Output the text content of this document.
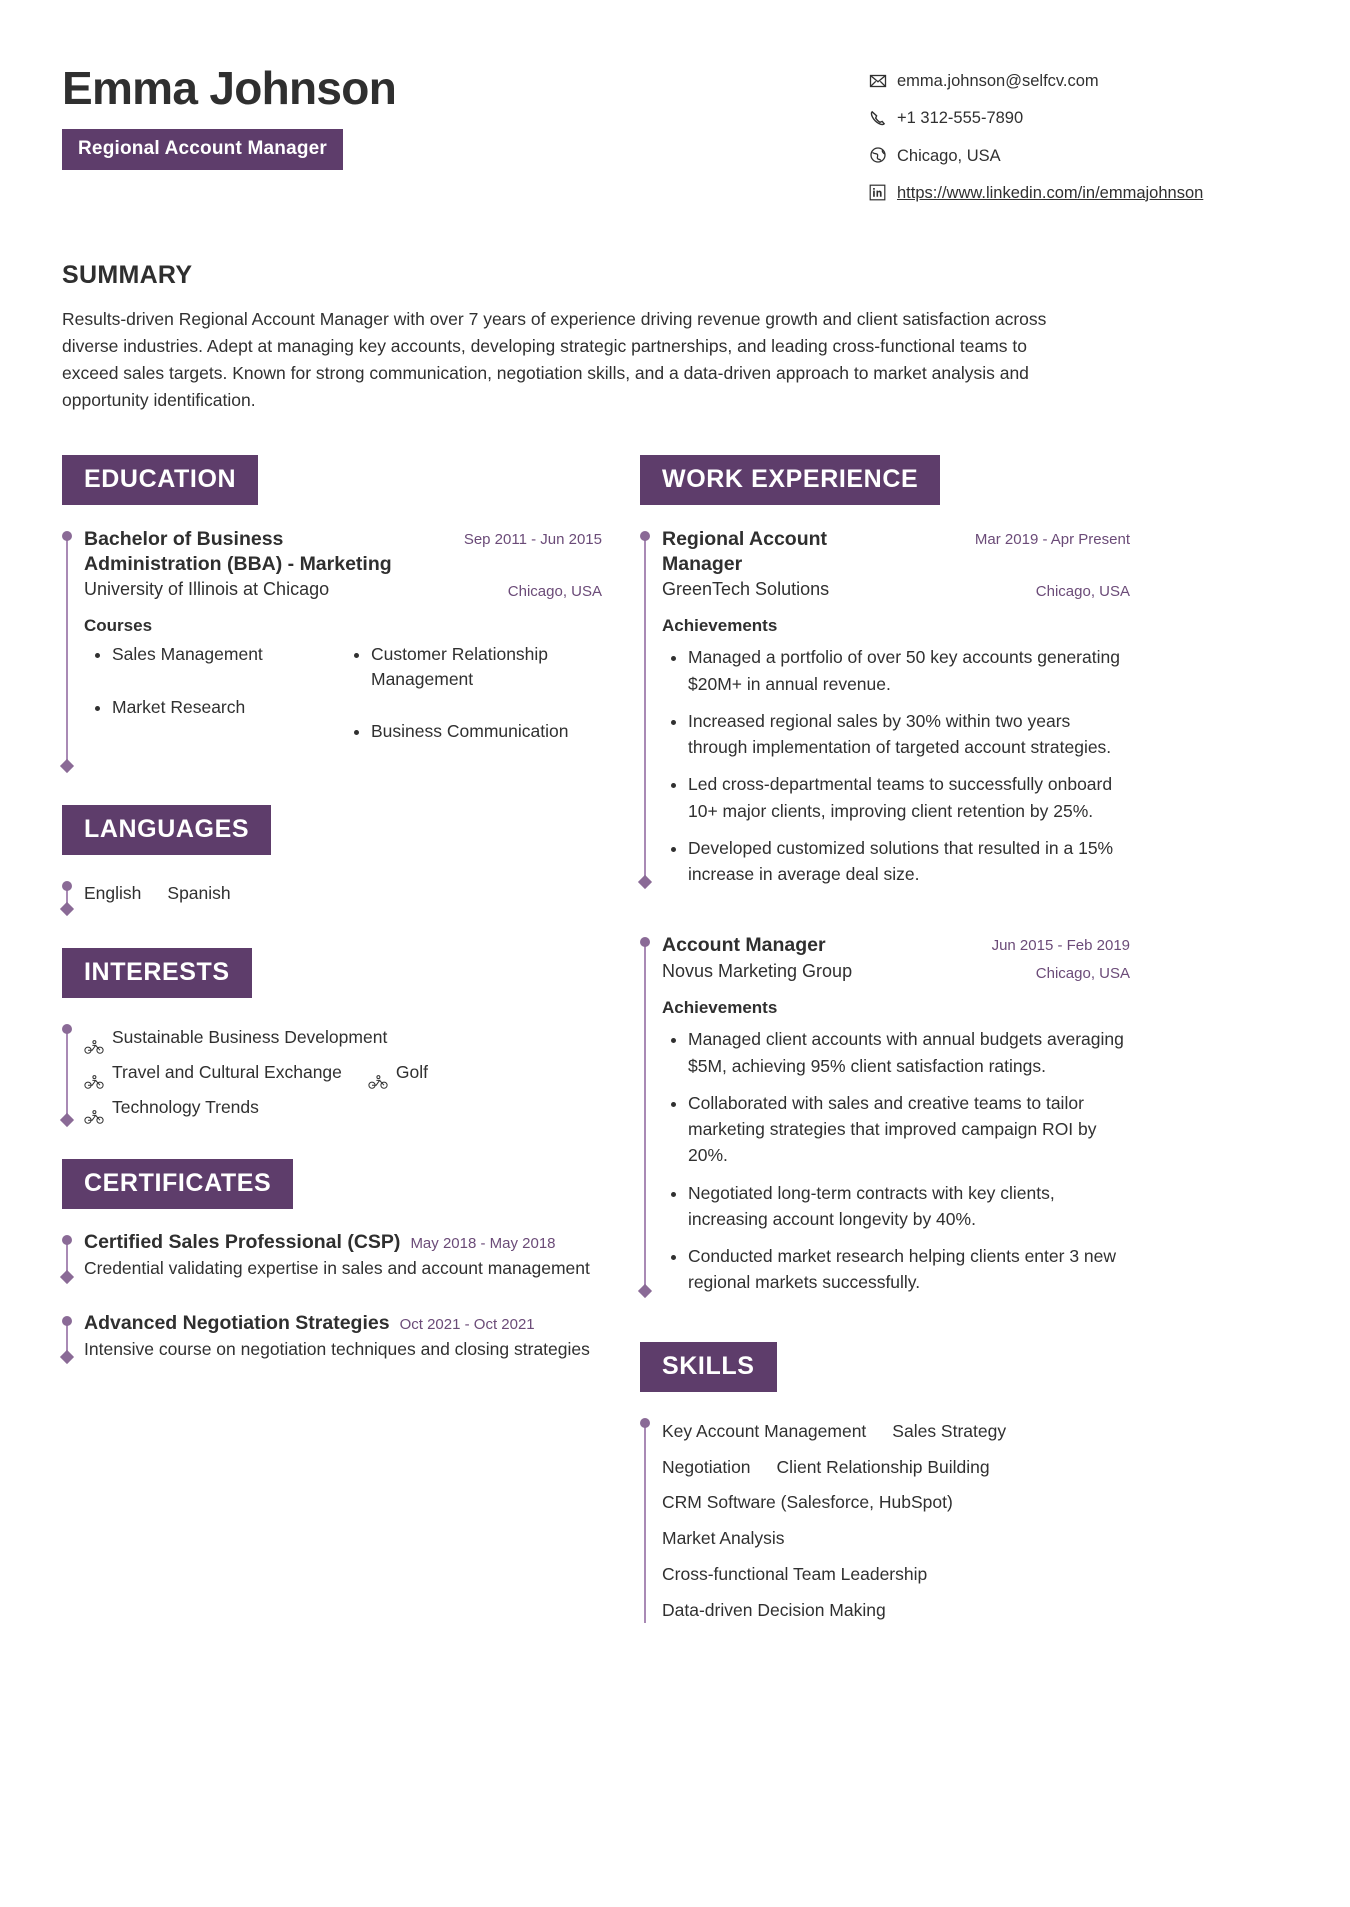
Emma Johnson
Regional Account Manager
emma.johnson@selfcv.com
+1 312-555-7890
Chicago, USA
https://www.linkedin.com/in/emmajohnson
SUMMARY
Results-driven Regional Account Manager with over 7 years of experience driving revenue growth and client satisfaction across diverse industries. Adept at managing key accounts, developing strategic partnerships, and leading cross-functional teams to exceed sales targets. Known for strong communication, negotiation skills, and a data-driven approach to market analysis and opportunity identification.
EDUCATION
Bachelor of Business Administration (BBA) - Marketing
Sep 2011 - Jun 2015
University of Illinois at Chicago	Chicago, USA
Courses
• Sales Management
• Market Research
• Customer Relationship Management
• Business Communication
LANGUAGES
English Spanish
INTERESTS
Sustainable Business Development
Travel and Cultural Exchange	Golf
Technology Trends
CERTIFICATES
Certified Sales Professional (CSP) May 2018 - May 2018
Credential validating expertise in sales and account management
Advanced Negotiation Strategies Oct 2021 - Oct 2021
Intensive course on negotiation techniques and closing strategies
WORK EXPERIENCE
Regional Account Manager
Mar 2019 - Apr Present
GreenTech Solutions	Chicago, USA
Achievements
• Managed a portfolio of over 50 key accounts generating $20M+ in annual revenue.
• Increased regional sales by 30% within two years through implementation of targeted account strategies.
• Led cross-departmental teams to successfully onboard 10+ major clients, improving client retention by 25%.
• Developed customized solutions that resulted in a 15% increase in average deal size.
Account Manager	Jun 2015 - Feb 2019
Novus Marketing Group	Chicago, USA
Achievements
• Managed client accounts with annual budgets averaging $5M, achieving 95% client satisfaction ratings.
• Collaborated with sales and creative teams to tailor marketing strategies that improved campaign ROI by 20%.
• Negotiated long-term contracts with key clients, increasing account longevity by 40%.
• Conducted market research helping clients enter 3 new regional markets successfully.
SKILLS
Key Account Management Sales Strategy
Negotiation Client Relationship Building
CRM Software (Salesforce, HubSpot)
Market Analysis
Cross-functional Team Leadership
Data-driven Decision Making
